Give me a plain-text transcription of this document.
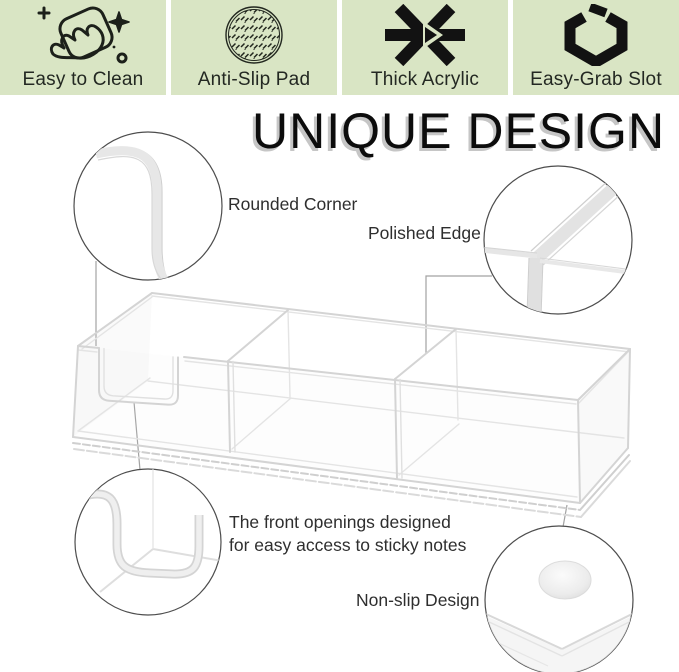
Easy to Clean	Anti-Slip Pad	Thick Acrylic	Easy-Grab Slot
UNIQUE DESIGN
Rounded Corner
Polished Edge
The front openings designed
for easy access to sticky notes
Non-slip Design
